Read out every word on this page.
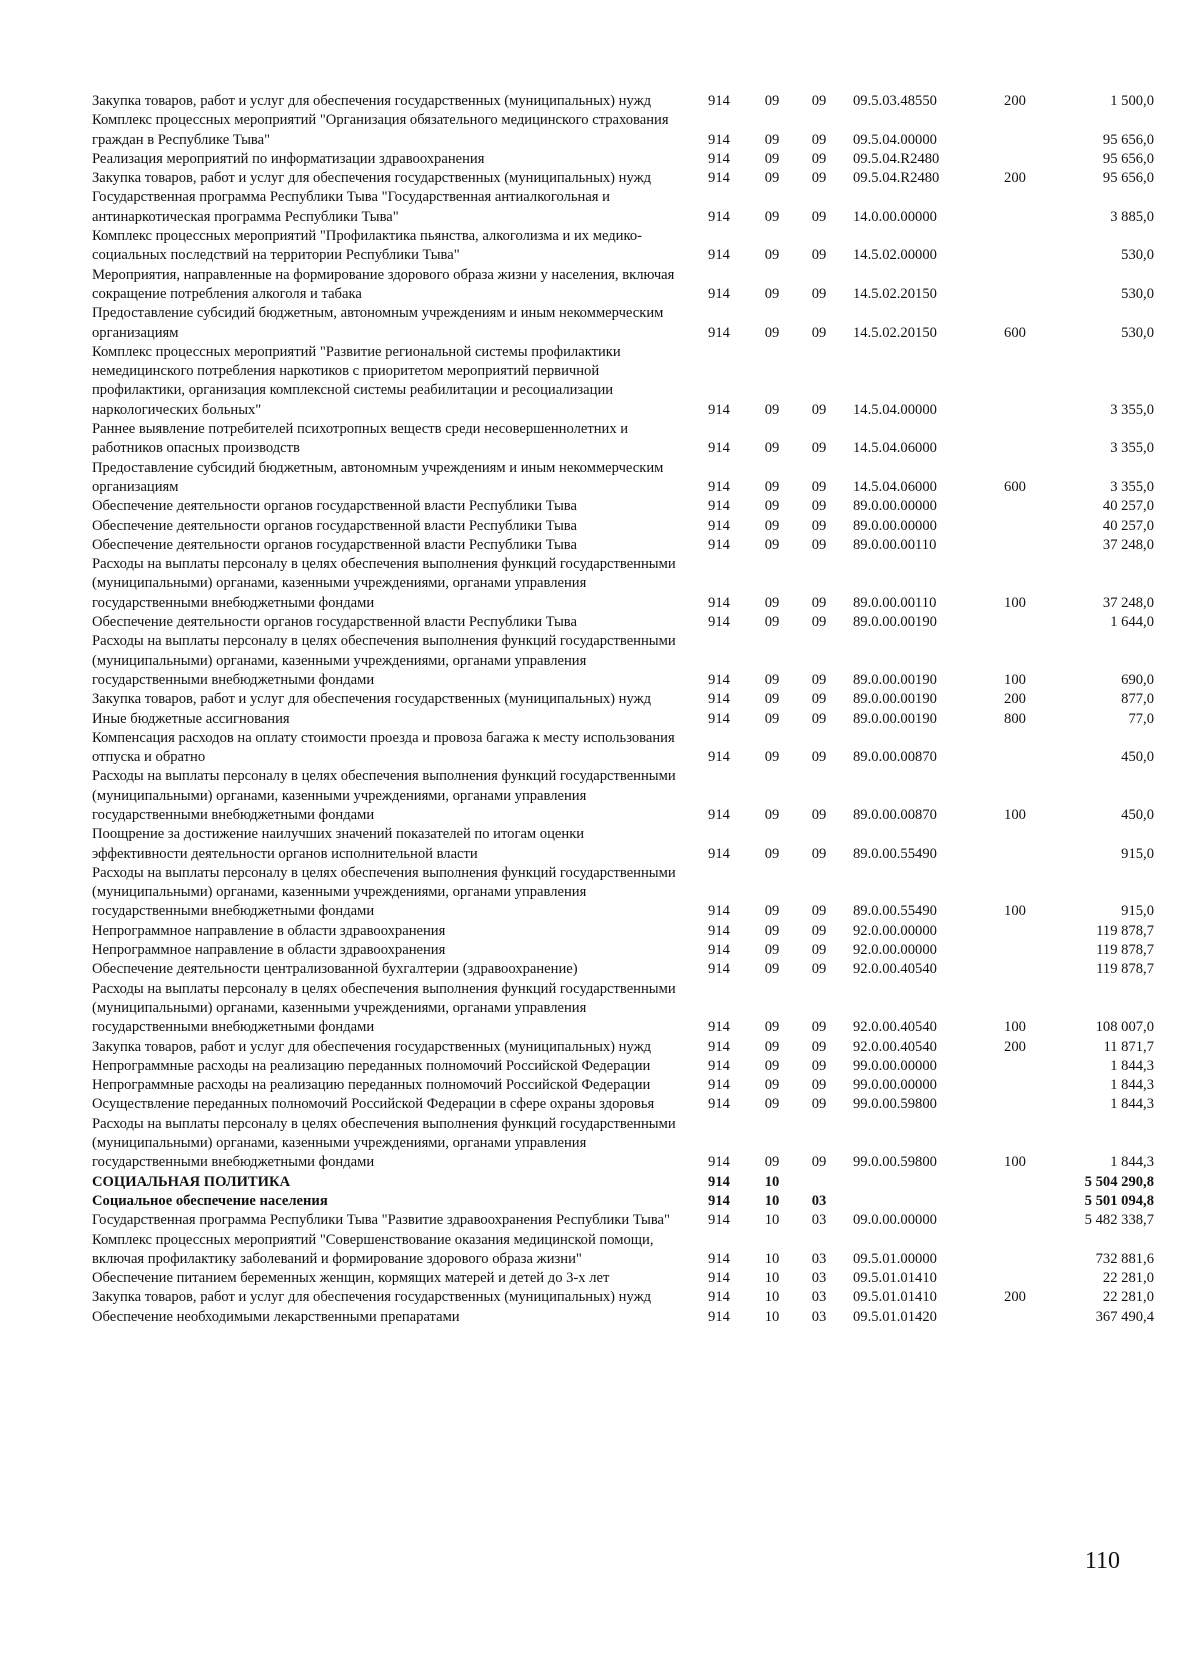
Закупка товаров, работ и услуг для обеспечения государственных (муниципальных) нужд	914	09	09	09.5.03.48550	200	1 500,0
Комплекс процессных мероприятий "Организация обязательного медицинского страхования граждан в Республике Тыва"	914	09	09	09.5.04.00000		95 656,0
Реализация мероприятий по информатизации здравоохранения	914	09	09	09.5.04.R2480		95 656,0
Закупка товаров, работ и услуг для обеспечения государственных (муниципальных) нужд	914	09	09	09.5.04.R2480	200	95 656,0
Государственная программа Республики Тыва "Государственная антиалкогольная и антинаркотическая программа Республики Тыва"	914	09	09	14.0.00.00000		3 885,0
Комплекс процессных мероприятий "Профилактика пьянства, алкоголизма и их медико-социальных последствий на территории Республики Тыва"	914	09	09	14.5.02.00000		530,0
Мероприятия, направленные на формирование здорового образа жизни у населения, включая сокращение потребления алкоголя и табака	914	09	09	14.5.02.20150		530,0
Предоставление субсидий бюджетным, автономным учреждениям и иным некоммерческим организациям	914	09	09	14.5.02.20150	600	530,0
Комплекс процессных мероприятий "Развитие региональной системы профилактики немедицинского потребления наркотиков с приоритетом мероприятий первичной профилактики, организация комплексной системы реабилитации и ресоциализации наркологических больных"	914	09	09	14.5.04.00000		3 355,0
Раннее выявление потребителей психотропных веществ среди несовершеннолетних и работников опасных производств	914	09	09	14.5.04.06000		3 355,0
Предоставление субсидий бюджетным, автономным учреждениям и иным некоммерческим организациям	914	09	09	14.5.04.06000	600	3 355,0
Обеспечение деятельности органов государственной власти Республики Тыва	914	09	09	89.0.00.00000		40 257,0
Обеспечение деятельности органов государственной власти Республики Тыва	914	09	09	89.0.00.00000		40 257,0
Обеспечение деятельности органов государственной власти Республики Тыва	914	09	09	89.0.00.00110		37 248,0
Расходы на выплаты персоналу в целях обеспечения выполнения функций государственными (муниципальными) органами, казенными учреждениями, органами управления государственными внебюджетными фондами	914	09	09	89.0.00.00110	100	37 248,0
Обеспечение деятельности органов государственной власти Республики Тыва	914	09	09	89.0.00.00190		1 644,0
Расходы на выплаты персоналу в целях обеспечения выполнения функций государственными (муниципальными) органами, казенными учреждениями, органами управления государственными внебюджетными фондами	914	09	09	89.0.00.00190	100	690,0
Закупка товаров, работ и услуг для обеспечения государственных (муниципальных) нужд	914	09	09	89.0.00.00190	200	877,0
Иные бюджетные ассигнования	914	09	09	89.0.00.00190	800	77,0
Компенсация расходов на оплату стоимости проезда и провоза багажа к месту использования отпуска и обратно	914	09	09	89.0.00.00870		450,0
Расходы на выплаты персоналу в целях обеспечения выполнения функций государственными (муниципальными) органами, казенными учреждениями, органами управления государственными внебюджетными фондами	914	09	09	89.0.00.00870	100	450,0
Поощрение за достижение наилучших значений показателей по итогам оценки эффективности деятельности органов исполнительной власти	914	09	09	89.0.00.55490		915,0
Расходы на выплаты персоналу в целях обеспечения выполнения функций государственными (муниципальными) органами, казенными учреждениями, органами управления государственными внебюджетными фондами	914	09	09	89.0.00.55490	100	915,0
Непрограммное направление в области здравоохранения	914	09	09	92.0.00.00000		119 878,7
Непрограммное направление в области здравоохранения	914	09	09	92.0.00.00000		119 878,7
Обеспечение деятельности централизованной бухгалтерии (здравоохранение)	914	09	09	92.0.00.40540		119 878,7
Расходы на выплаты персоналу в целях обеспечения выполнения функций государственными (муниципальными) органами, казенными учреждениями, органами управления государственными внебюджетными фондами	914	09	09	92.0.00.40540	100	108 007,0
Закупка товаров, работ и услуг для обеспечения государственных (муниципальных) нужд	914	09	09	92.0.00.40540	200	11 871,7
Непрограммные расходы на реализацию переданных полномочий Российской Федерации	914	09	09	99.0.00.00000		1 844,3
Непрограммные расходы на реализацию переданных полномочий Российской Федерации	914	09	09	99.0.00.00000		1 844,3
Осуществление переданных полномочий Российской Федерации в сфере охраны здоровья	914	09	09	99.0.00.59800		1 844,3
Расходы на выплаты персоналу в целях обеспечения выполнения функций государственными (муниципальными) органами, казенными учреждениями, органами управления государственными внебюджетными фондами	914	09	09	99.0.00.59800	100	1 844,3
СОЦИАЛЬНАЯ ПОЛИТИКА	914	10				5 504 290,8
Социальное обеспечение населения	914	10	03			5 501 094,8
Государственная программа Республики Тыва "Развитие здравоохранения Республики Тыва"	914	10	03	09.0.00.00000		5 482 338,7
Комплекс процессных мероприятий "Совершенствование оказания медицинской помощи, включая профилактику заболеваний и формирование здорового образа жизни"	914	10	03	09.5.01.00000		732 881,6
Обеспечение питанием беременных женщин, кормящих матерей и детей до 3-х лет	914	10	03	09.5.01.01410		22 281,0
Закупка товаров, работ и услуг для обеспечения государственных (муниципальных) нужд	914	10	03	09.5.01.01410	200	22 281,0
Обеспечение необходимыми лекарственными препаратами	914	10	03	09.5.01.01420		367 490,4
110
